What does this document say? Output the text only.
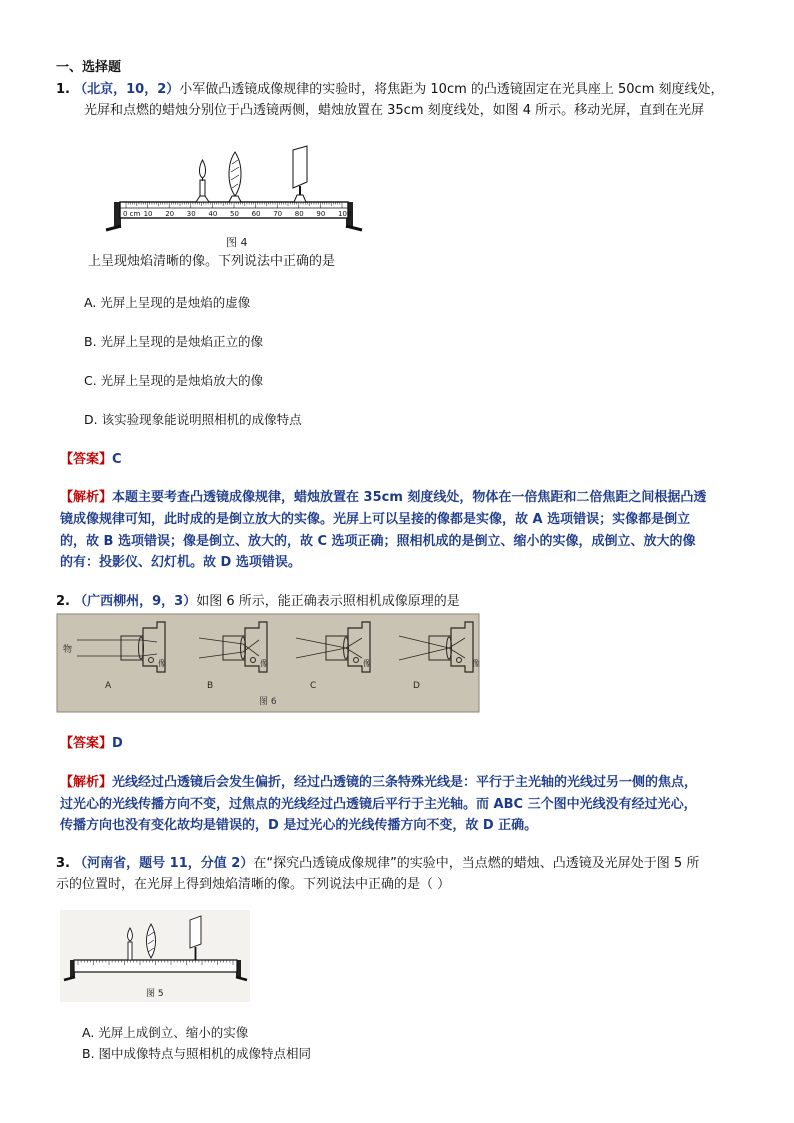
一、选择题
1. （北京，10，2）小军做凸透镜成像规律的实验时，将焦距为 10cm 的凸透镜固定在光具座上 50cm 刻度线处，
光屏和点燃的蜡烛分别位于凸透镜两侧，蜡烛放置在 35cm 刻度线处，如图 4 所示。移动光屏，直到在光屏
0 cm 10 20 30 40 50 60 70 80 90 100
图 4
上呈现烛焰清晰的像。下列说法中正确的是
A. 光屏上呈现的是烛焰的虚像
B. 光屏上呈现的是烛焰正立的像
C. 光屏上呈现的是烛焰放大的像
D. 该实验现象能说明照相机的成像特点
【答案】C
【解析】本题主要考查凸透镜成像规律，蜡烛放置在 35cm 刻度线处，物体在一倍焦距和二倍焦距之间根据凸透
镜成像规律可知，此时成的是倒立放大的实像。光屏上可以呈接的像都是实像，故 A 选项错误；实像都是倒立
的，故 B 选项错误；像是倒立、放大的，故 C 选项正确；照相机成的是倒立、缩小的实像，成倒立、放大的像
的有：投影仪、幻灯机。故 D 选项错误。
2. （广西柳州，9，3）如图 6 所示，能正确表示照相机成像原理的是
物
像
A
像
B
像
C
像
D
图 6
【答案】D
【解析】光线经过凸透镜后会发生偏折，经过凸透镜的三条特殊光线是：平行于主光轴的光线过另一侧的焦点，
过光心的光线传播方向不变，过焦点的光线经过凸透镜后平行于主光轴。而 ABC 三个图中光线没有经过光心，
传播方向也没有变化故均是错误的，D 是过光心的光线传播方向不变，故 D 正确。
3. （河南省，题号 11，分值 2）在“探究凸透镜成像规律”的实验中，当点燃的蜡烛、凸透镜及光屏处于图 5 所
示的位置时，在光屏上得到烛焰清晰的像。下列说法中正确的是（ ）
图 5
A. 光屏上成倒立、缩小的实像
B. 图中成像特点与照相机的成像特点相同
